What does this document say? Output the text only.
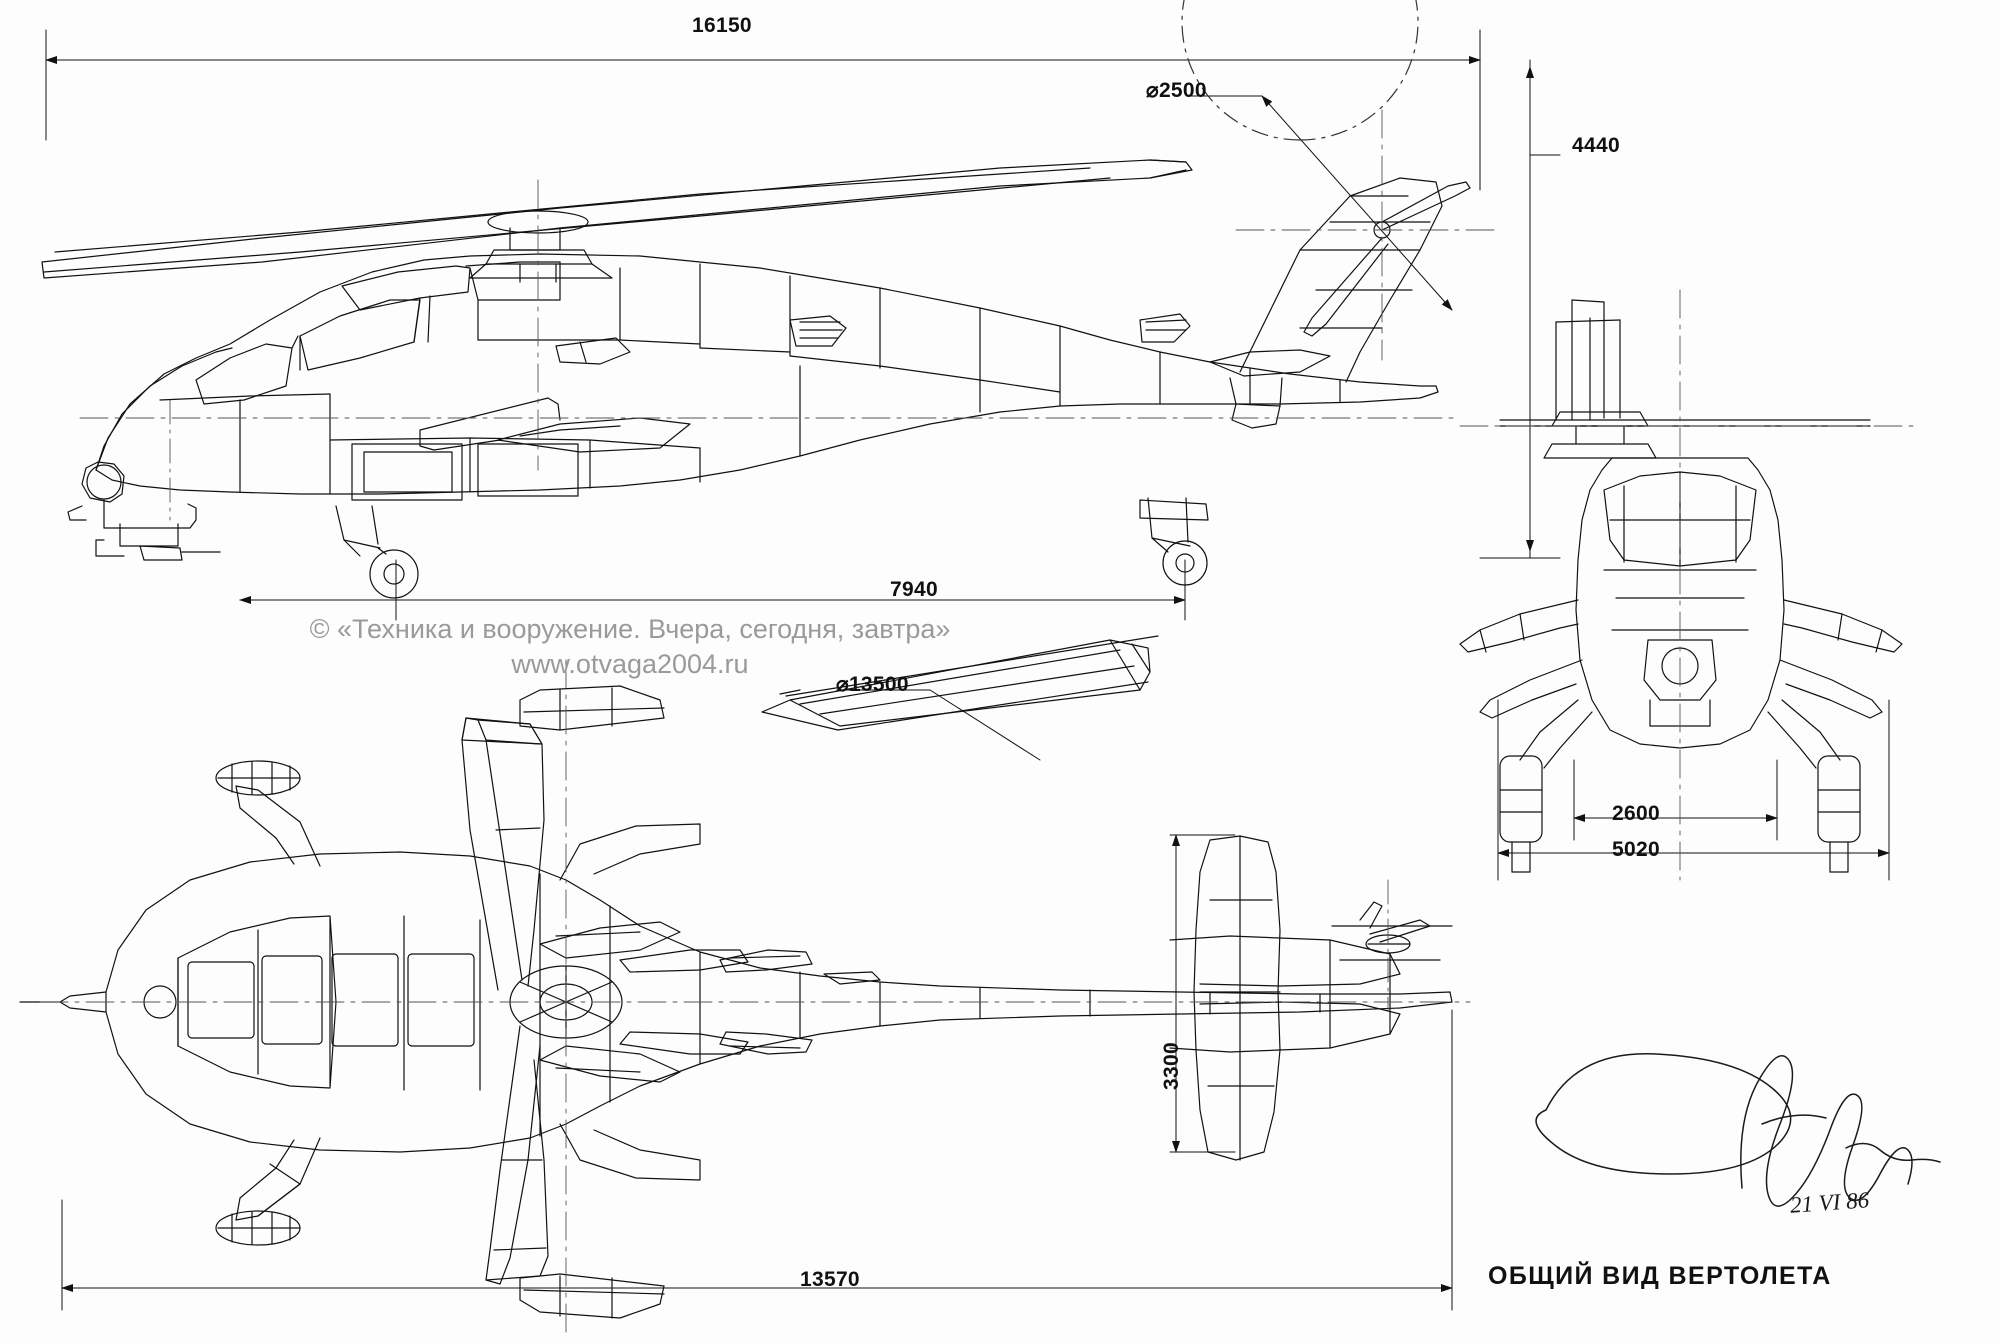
16150
⌀2500
4440
7940
⌀13500
3300
13570
2600
5020
ОБЩИЙ ВИД ВЕРТОЛЕТА
21 VI 86
© «Техника и вооружение. Вчера, сегодня, завтра»
www.otvaga2004.ru
